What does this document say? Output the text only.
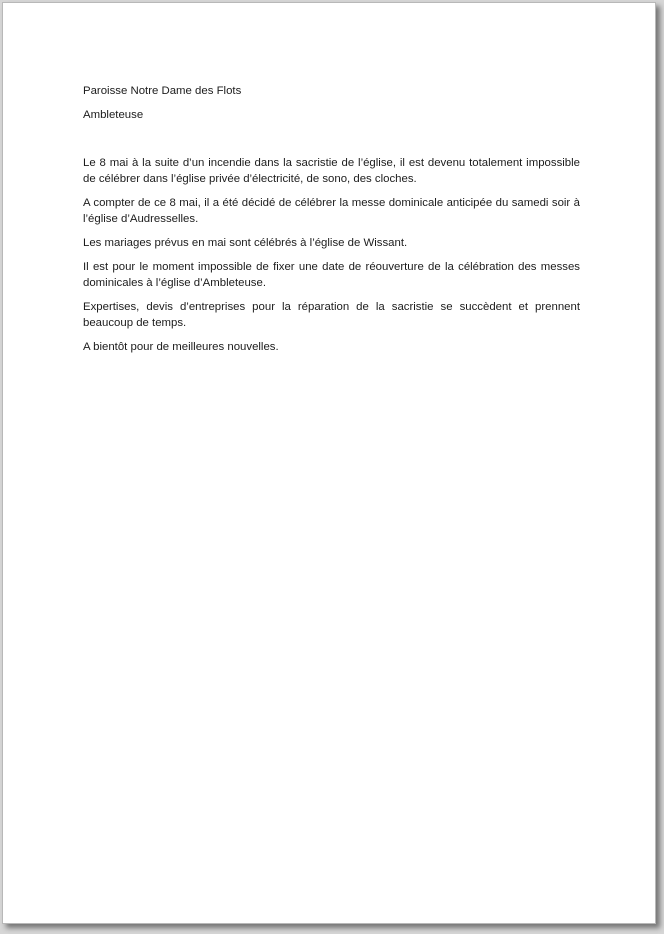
Paroisse Notre Dame des Flots

Ambleteuse

Le 8 mai à la suite d’un incendie dans la sacristie de l’église, il est devenu totalement impossible de célébrer dans l’église privée d’électricité, de sono, des cloches.

A compter de ce 8 mai, il a été décidé de célébrer la messe dominicale anticipée du samedi soir à l’église d’Audresselles.

Les mariages prévus en mai sont célébrés à l’église de Wissant.

Il est pour le moment impossible de fixer une date de réouverture de la célébration des messes dominicales à l’église d’Ambleteuse.

Expertises, devis d’entreprises pour la réparation de la sacristie se succèdent et prennent beaucoup de temps.

A bientôt pour de meilleures nouvelles.
